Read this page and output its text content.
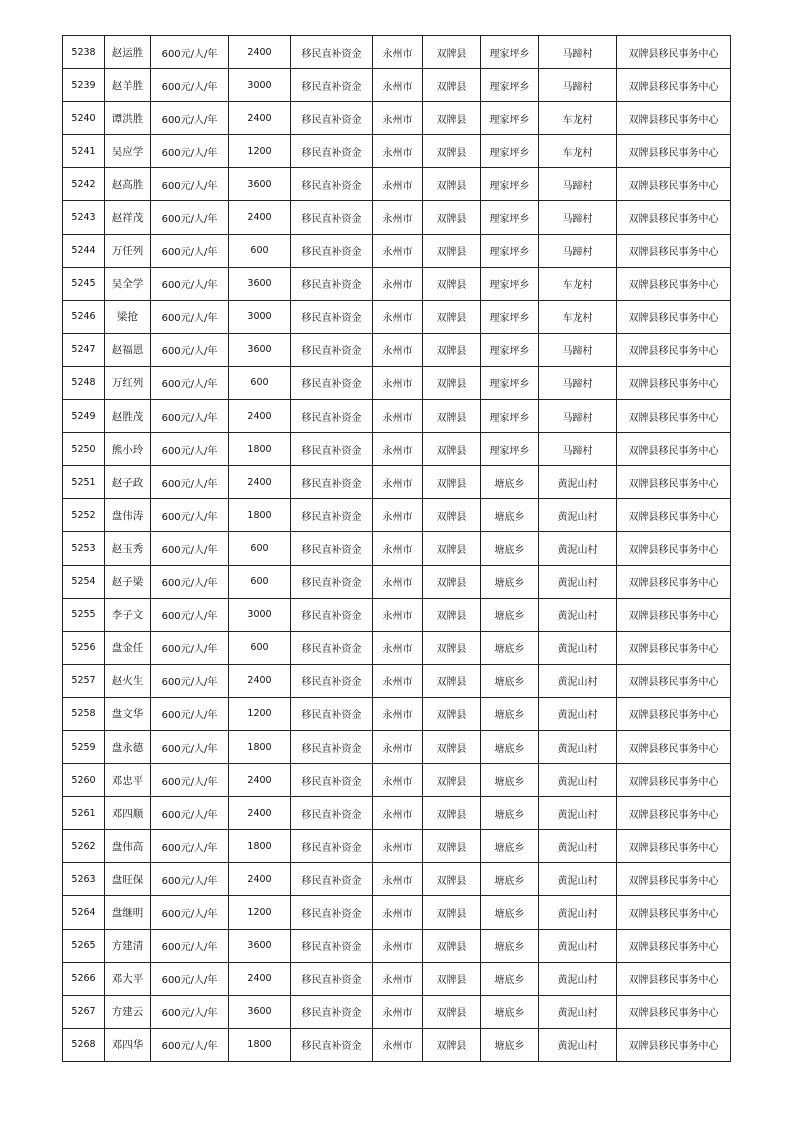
5238	赵运胜	600元/人/年	2400	移民直补资金	永州市	双牌县	理家坪乡	马蹄村	双牌县移民事务中心
5239	赵羊胜	600元/人/年	3000	移民直补资金	永州市	双牌县	理家坪乡	马蹄村	双牌县移民事务中心
5240	谭洪胜	600元/人/年	2400	移民直补资金	永州市	双牌县	理家坪乡	车龙村	双牌县移民事务中心
5241	吴应学	600元/人/年	1200	移民直补资金	永州市	双牌县	理家坪乡	车龙村	双牌县移民事务中心
5242	赵高胜	600元/人/年	3600	移民直补资金	永州市	双牌县	理家坪乡	马蹄村	双牌县移民事务中心
5243	赵祥茂	600元/人/年	2400	移民直补资金	永州市	双牌县	理家坪乡	马蹄村	双牌县移民事务中心
5244	万任列	600元/人/年	600	移民直补资金	永州市	双牌县	理家坪乡	马蹄村	双牌县移民事务中心
5245	吴全学	600元/人/年	3600	移民直补资金	永州市	双牌县	理家坪乡	车龙村	双牌县移民事务中心
5246	梁抢	600元/人/年	3000	移民直补资金	永州市	双牌县	理家坪乡	车龙村	双牌县移民事务中心
5247	赵福恩	600元/人/年	3600	移民直补资金	永州市	双牌县	理家坪乡	马蹄村	双牌县移民事务中心
5248	万红列	600元/人/年	600	移民直补资金	永州市	双牌县	理家坪乡	马蹄村	双牌县移民事务中心
5249	赵胜茂	600元/人/年	2400	移民直补资金	永州市	双牌县	理家坪乡	马蹄村	双牌县移民事务中心
5250	熊小玲	600元/人/年	1800	移民直补资金	永州市	双牌县	理家坪乡	马蹄村	双牌县移民事务中心
5251	赵子政	600元/人/年	2400	移民直补资金	永州市	双牌县	塘底乡	黄泥山村	双牌县移民事务中心
5252	盘伟涛	600元/人/年	1800	移民直补资金	永州市	双牌县	塘底乡	黄泥山村	双牌县移民事务中心
5253	赵玉秀	600元/人/年	600	移民直补资金	永州市	双牌县	塘底乡	黄泥山村	双牌县移民事务中心
5254	赵子梁	600元/人/年	600	移民直补资金	永州市	双牌县	塘底乡	黄泥山村	双牌县移民事务中心
5255	李子文	600元/人/年	3000	移民直补资金	永州市	双牌县	塘底乡	黄泥山村	双牌县移民事务中心
5256	盘金任	600元/人/年	600	移民直补资金	永州市	双牌县	塘底乡	黄泥山村	双牌县移民事务中心
5257	赵火生	600元/人/年	2400	移民直补资金	永州市	双牌县	塘底乡	黄泥山村	双牌县移民事务中心
5258	盘文华	600元/人/年	1200	移民直补资金	永州市	双牌县	塘底乡	黄泥山村	双牌县移民事务中心
5259	盘永德	600元/人/年	1800	移民直补资金	永州市	双牌县	塘底乡	黄泥山村	双牌县移民事务中心
5260	邓忠平	600元/人/年	2400	移民直补资金	永州市	双牌县	塘底乡	黄泥山村	双牌县移民事务中心
5261	邓四顺	600元/人/年	2400	移民直补资金	永州市	双牌县	塘底乡	黄泥山村	双牌县移民事务中心
5262	盘伟高	600元/人/年	1800	移民直补资金	永州市	双牌县	塘底乡	黄泥山村	双牌县移民事务中心
5263	盘旺保	600元/人/年	2400	移民直补资金	永州市	双牌县	塘底乡	黄泥山村	双牌县移民事务中心
5264	盘继明	600元/人/年	1200	移民直补资金	永州市	双牌县	塘底乡	黄泥山村	双牌县移民事务中心
5265	方建清	600元/人/年	3600	移民直补资金	永州市	双牌县	塘底乡	黄泥山村	双牌县移民事务中心
5266	邓大平	600元/人/年	2400	移民直补资金	永州市	双牌县	塘底乡	黄泥山村	双牌县移民事务中心
5267	方建云	600元/人/年	3600	移民直补资金	永州市	双牌县	塘底乡	黄泥山村	双牌县移民事务中心
5268	邓四华	600元/人/年	1800	移民直补资金	永州市	双牌县	塘底乡	黄泥山村	双牌县移民事务中心
